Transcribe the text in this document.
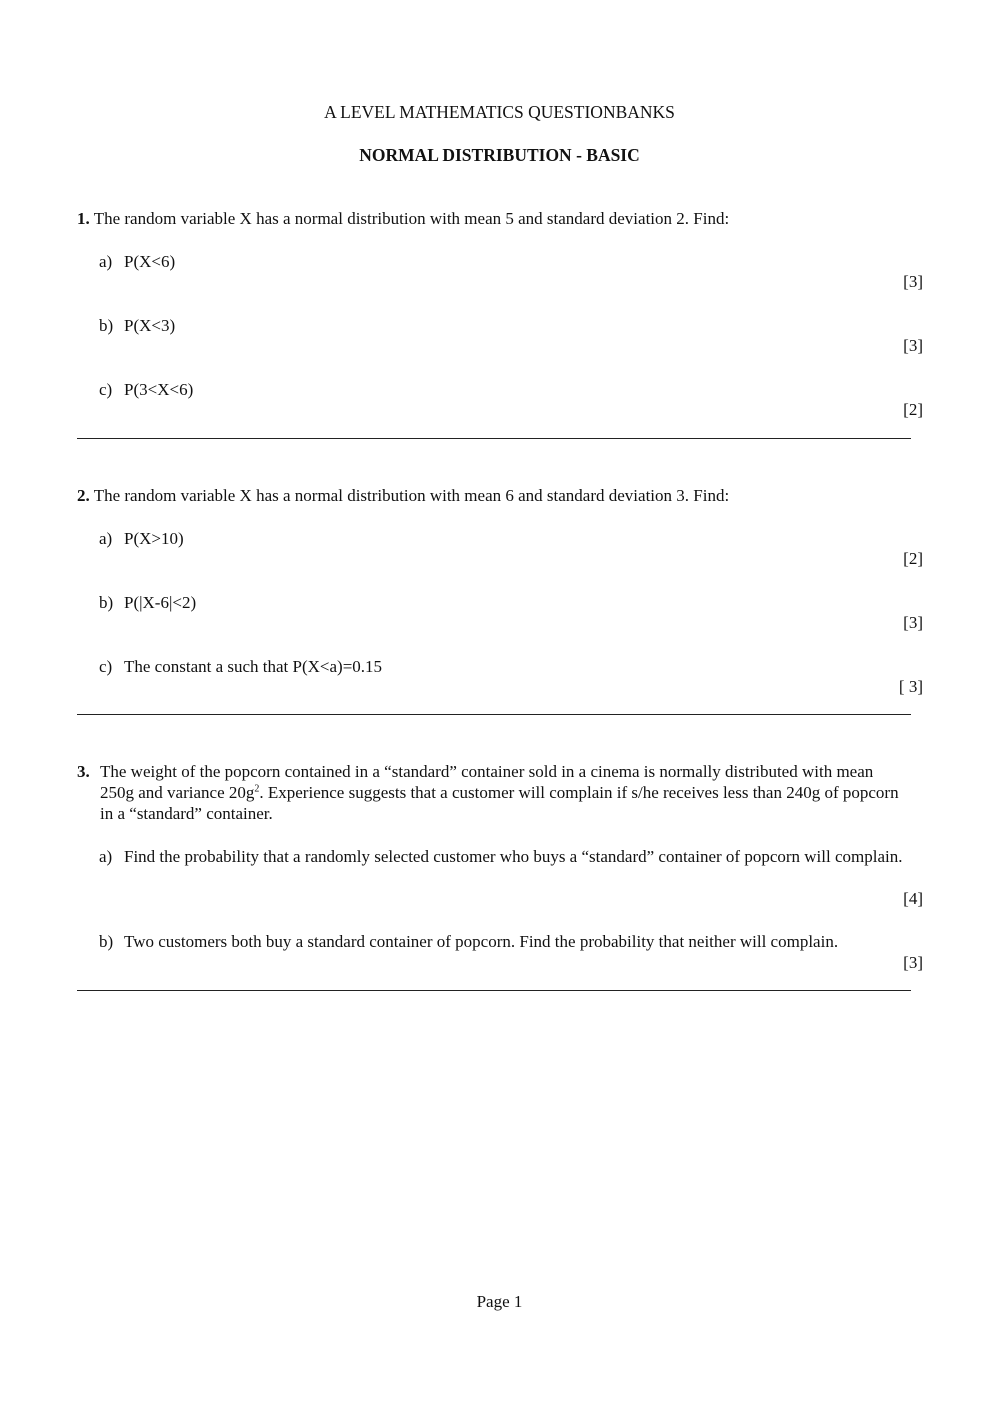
A LEVEL MATHEMATICS QUESTIONBANKS
NORMAL DISTRIBUTION - BASIC
1. The random variable X has a normal distribution with mean 5 and standard deviation 2. Find:
a) P(X<6)
[3]
b) P(X<3)
[3]
c) P(3<X<6)
[2]
2. The random variable X has a normal distribution with mean 6 and standard deviation 3. Find:
a) P(X>10)
[2]
b) P(|X-6|<2)
[3]
c) The constant a such that P(X<a)=0.15
[ 3]
3. The weight of the popcorn contained in a “standard” container sold in a cinema is normally distributed with mean 250g and variance $20g^2$. Experience suggests that a customer will complain if s/he receives less than 240g of popcorn in a “standard” container.
a) Find the probability that a randomly selected customer who buys a “standard” container of popcorn will complain.
[4]
b) Two customers both buy a standard container of popcorn. Find the probability that neither will complain.
[3]
Page 1
